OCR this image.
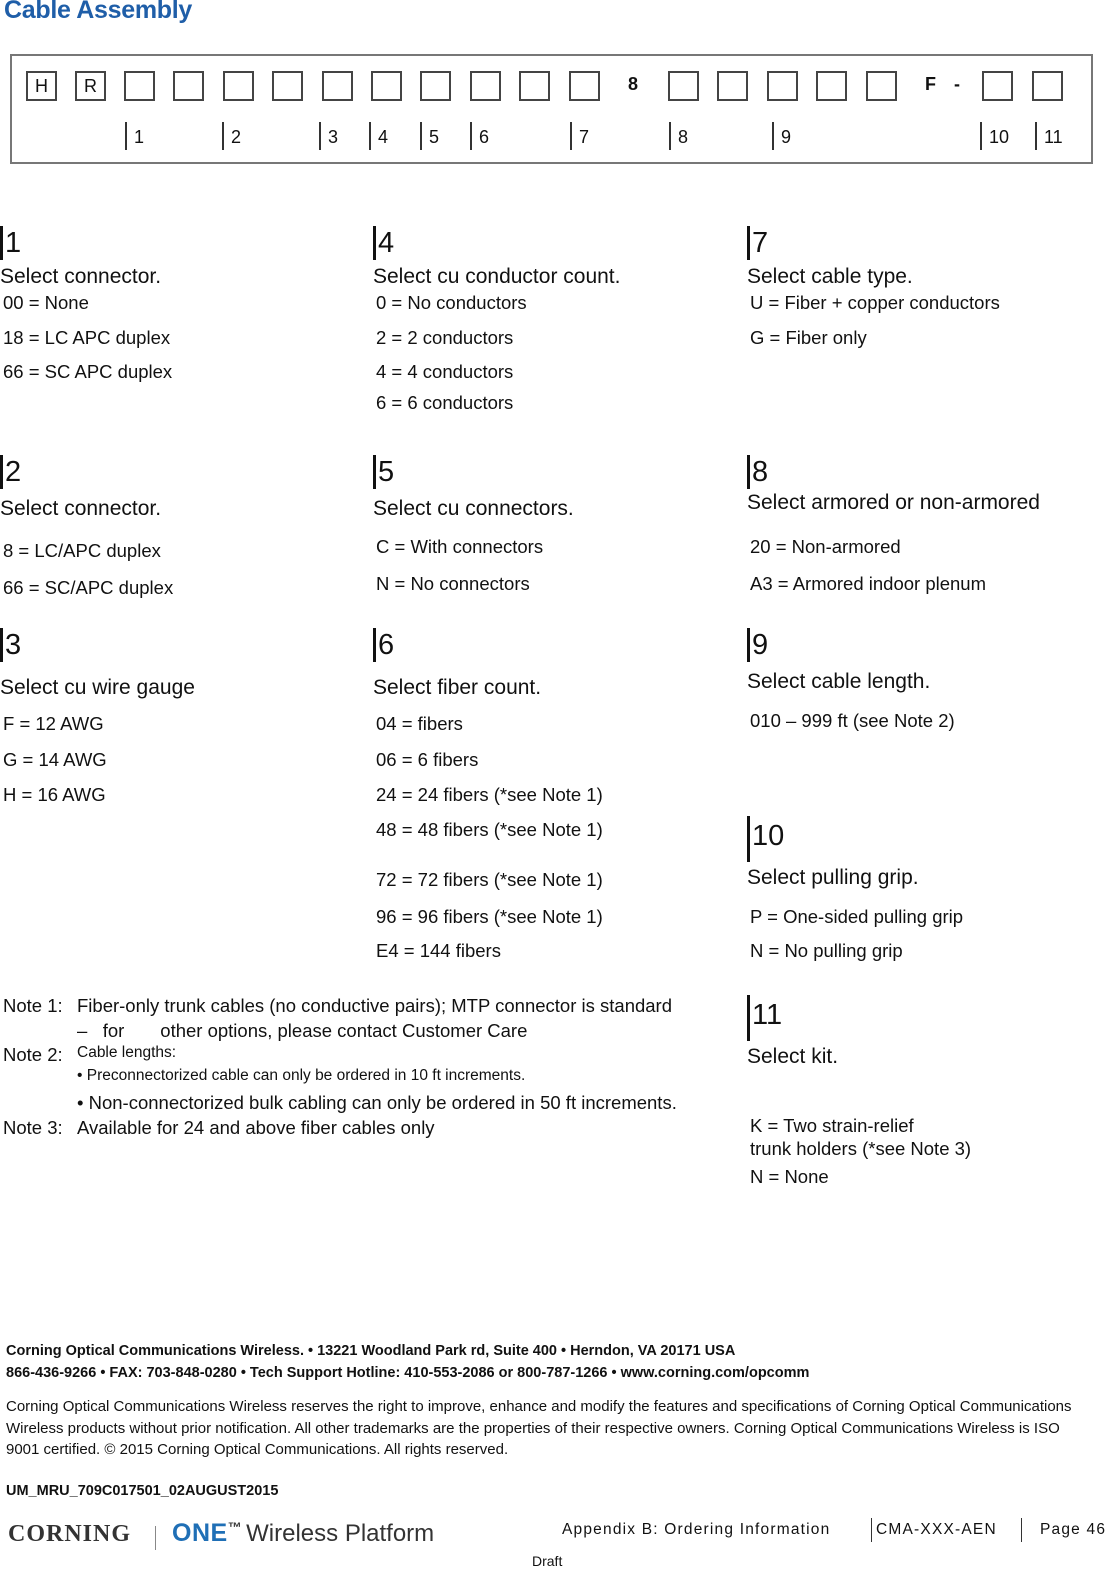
Cable Assembly
H	R	8	F -
1	2	3	4	5	6	7	8	9	10	11
1
Select connector.
00 = None
18 = LC APC duplex
66 = SC APC duplex
4
Select cu conductor count.
0 = No conductors
2 = 2 conductors
4 = 4 conductors
6 = 6 conductors
7
Select cable type.
U = Fiber + copper conductors
G = Fiber only
2
Select connector.
8 = LC/APC duplex
66 = SC/APC duplex
5
Select cu connectors.
C = With connectors
N = No connectors
8
Select armored or non-armored
20 = Non-armored
A3 = Armored indoor plenum
3
Select cu wire gauge
F = 12 AWG
G = 14 AWG
H = 16 AWG
6
Select fiber count.
04 = fibers
06 = 6 fibers
24 = 24 fibers (*see Note 1)
48 = 48 fibers (*see Note 1)
72 = 72 fibers (*see Note 1)
96 = 96 fibers (*see Note 1)
E4 = 144 fibers
9
Select cable length.
010 – 999 ft (see Note 2)
10
Select pulling grip.
P = One-sided pulling grip
N = No pulling grip
11
Select kit.
K = Two strain-relief
trunk holders (*see Note 3)
N = None
Note 1: Fiber-only trunk cables (no conductive pairs); MTP connector is standard
–   for       other options, please contact Customer Care
Note 2: Cable lengths:
• Preconnectorized cable can only be ordered in 10 ft increments.
• Non-connectorized bulk cabling can only be ordered in 50 ft increments.
Note 3: Available for 24 and above fiber cables only
Corning Optical Communications Wireless. • 13221 Woodland Park rd, Suite 400 • Herndon, VA 20171 USA
866-436-9266 • FAX: 703-848-0280 • Tech Support Hotline: 410-553-2086 or 800-787-1266 • www.corning.com/opcomm
Corning Optical Communications Wireless reserves the right to improve, enhance and modify the features and specifications of Corning Optical Communications Wireless products without prior notification. All other trademarks are the properties of their respective owners. Corning Optical Communications Wireless is ISO 9001 certified. © 2015 Corning Optical Communications. All rights reserved.
UM_MRU_709C017501_02AUGUST2015
CORNING ONE™ Wireless Platform	Appendix B: Ordering Information	CMA-XXX-AEN	Page 46
Draft
